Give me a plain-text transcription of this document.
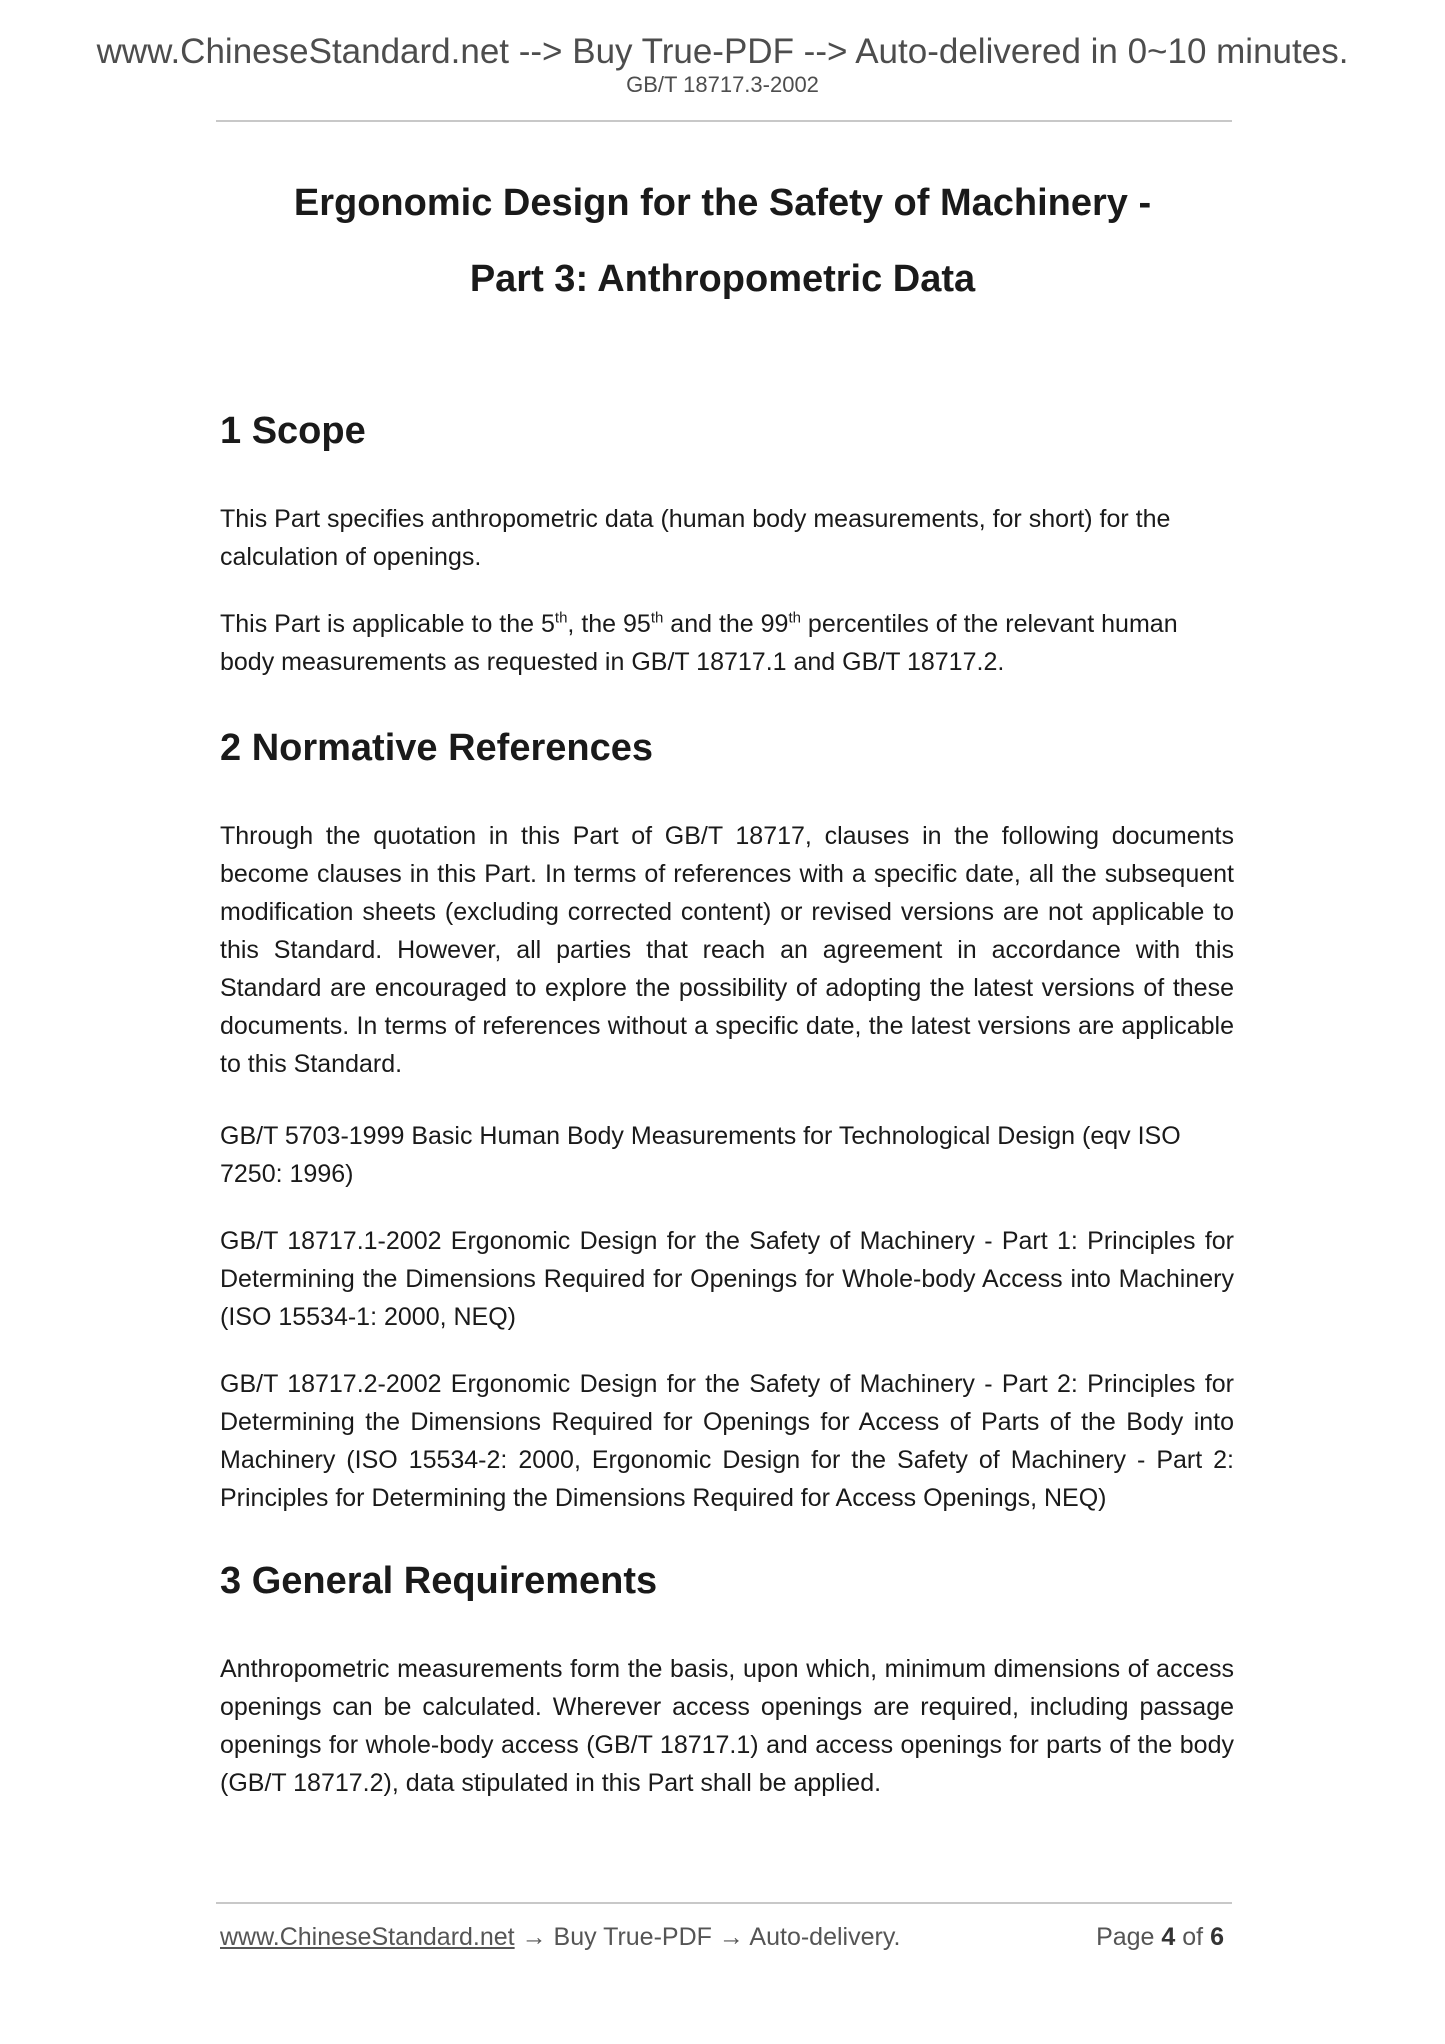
www.ChineseStandard.net --> Buy True-PDF --> Auto-delivered in 0~10 minutes.
GB/T 18717.3-2002
Ergonomic Design for the Safety of Machinery -
Part 3: Anthropometric Data
1 Scope

This Part specifies anthropometric data (human body measurements, for short) for the calculation of openings.

This Part is applicable to the 5th, the 95th and the 99th percentiles of the relevant human body measurements as requested in GB/T 18717.1 and GB/T 18717.2.

2 Normative References

Through the quotation in this Part of GB/T 18717, clauses in the following documents become clauses in this Part. In terms of references with a specific date, all the subsequent modification sheets (excluding corrected content) or revised versions are not applicable to this Standard. However, all parties that reach an agreement in accordance with this Standard are encouraged to explore the possibility of adopting the latest versions of these documents. In terms of references without a specific date, the latest versions are applicable to this Standard.

GB/T 5703-1999 Basic Human Body Measurements for Technological Design (eqv ISO 7250: 1996)

GB/T 18717.1-2002 Ergonomic Design for the Safety of Machinery - Part 1: Principles for Determining the Dimensions Required for Openings for Whole-body Access into Machinery (ISO 15534-1: 2000, NEQ)

GB/T 18717.2-2002 Ergonomic Design for the Safety of Machinery - Part 2: Principles for Determining the Dimensions Required for Openings for Access of Parts of the Body into Machinery (ISO 15534-2: 2000, Ergonomic Design for the Safety of Machinery - Part 2: Principles for Determining the Dimensions Required for Access Openings, NEQ)

3 General Requirements

Anthropometric measurements form the basis, upon which, minimum dimensions of access openings can be calculated. Wherever access openings are required, including passage openings for whole-body access (GB/T 18717.1) and access openings for parts of the body (GB/T 18717.2), data stipulated in this Part shall be applied.

www.ChineseStandard.net → Buy True-PDF → Auto-delivery.	Page 4 of 6
